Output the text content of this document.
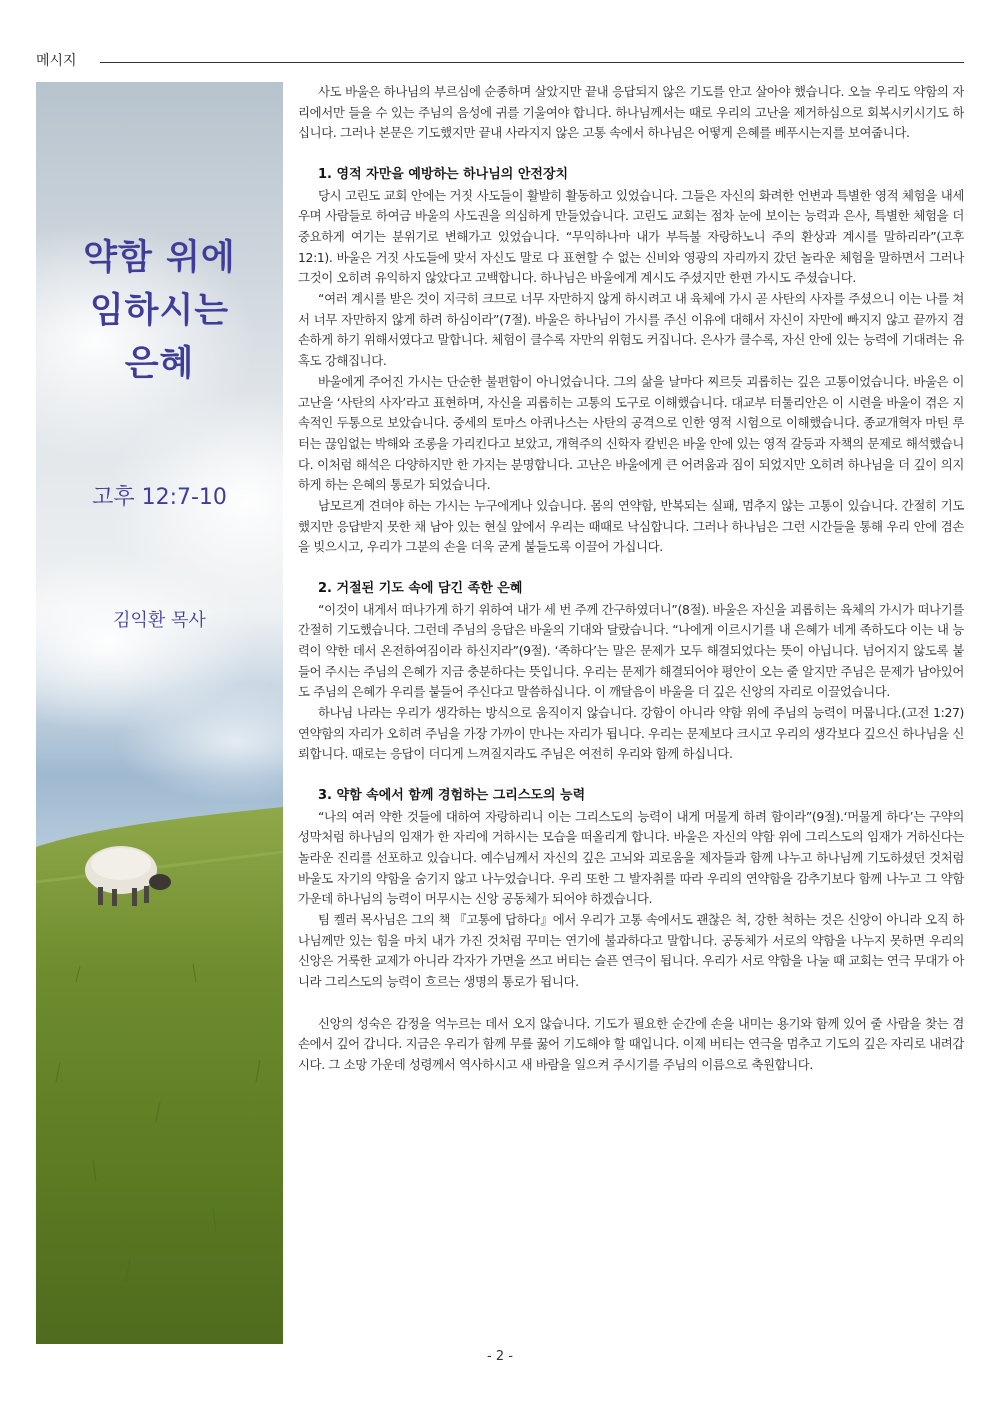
메시지
약함 위에
임하시는
은혜
고후 12:7-10
김익환 목사

사도 바울은 하나님의 부르심에 순종하며 살았지만 끝내 응답되지 않은 기도를 안고 살아야 했습니다. 오늘 우리도 약함의 자리에서만 들을 수 있는 주님의 음성에 귀를 기울여야 합니다. 하나님께서는 때로 우리의 고난을 제거하심으로 회복시키시기도 하십니다. 그러나 본문은 기도했지만 끝내 사라지지 않은 고통 속에서 하나님은 어떻게 은혜를 베푸시는지를 보여줍니다.

1. 영적 자만을 예방하는 하나님의 안전장치

당시 고린도 교회 안에는 거짓 사도들이 활발히 활동하고 있었습니다. 그들은 자신의 화려한 언변과 특별한 영적 체험을 내세우며 사람들로 하여금 바울의 사도권을 의심하게 만들었습니다. 고린도 교회는 점차 눈에 보이는 능력과 은사, 특별한 체험을 더 중요하게 여기는 분위기로 변해가고 있었습니다. “무익하나마 내가 부득불 자랑하노니 주의 환상과 계시를 말하리라”(고후 12:1). 바울은 거짓 사도들에 맞서 자신도 말로 다 표현할 수 없는 신비와 영광의 자리까지 갔던 놀라운 체험을 말하면서 그러나 그것이 오히려 유익하지 않았다고 고백합니다. 하나님은 바울에게 계시도 주셨지만 한편 가시도 주셨습니다.

“여러 계시를 받은 것이 지극히 크므로 너무 자만하지 않게 하시려고 내 육체에 가시 곧 사탄의 사자를 주셨으니 이는 나를 쳐서 너무 자만하지 않게 하려 하심이라”(7절). 바울은 하나님이 가시를 주신 이유에 대해서 자신이 자만에 빠지지 않고 끝까지 겸손하게 하기 위해서였다고 말합니다. 체험이 클수록 자만의 위험도 커집니다. 은사가 클수록, 자신 안에 있는 능력에 기대려는 유혹도 강해집니다.

바울에게 주어진 가시는 단순한 불편함이 아니었습니다. 그의 삶을 날마다 찌르듯 괴롭히는 깊은 고통이었습니다. 바울은 이 고난을 ‘사탄의 사자’라고 표현하며, 자신을 괴롭히는 고통의 도구로 이해했습니다. 대교부 터툴리안은 이 시련을 바울이 겪은 지속적인 두통으로 보았습니다. 중세의 토마스 아퀴나스는 사탄의 공격으로 인한 영적 시험으로 이해했습니다. 종교개혁자 마틴 루터는 끊임없는 박해와 조롱을 가리킨다고 보았고, 개혁주의 신학자 칼빈은 바울 안에 있는 영적 갈등과 자책의 문제로 해석했습니다. 이처럼 해석은 다양하지만 한 가지는 분명합니다. 고난은 바울에게 큰 어려움과 짐이 되었지만 오히려 하나님을 더 깊이 의지하게 하는 은혜의 통로가 되었습니다.

남모르게 견뎌야 하는 가시는 누구에게나 있습니다. 몸의 연약함, 반복되는 실패, 멈추지 않는 고통이 있습니다. 간절히 기도했지만 응답받지 못한 채 남아 있는 현실 앞에서 우리는 때때로 낙심합니다. 그러나 하나님은 그런 시간들을 통해 우리 안에 겸손을 빚으시고, 우리가 그분의 손을 더욱 굳게 붙들도록 이끌어 가십니다.

2. 거절된 기도 속에 담긴 족한 은혜

“이것이 내게서 떠나가게 하기 위하여 내가 세 번 주께 간구하였더니”(8절). 바울은 자신을 괴롭히는 육체의 가시가 떠나기를 간절히 기도했습니다. 그런데 주님의 응답은 바울의 기대와 달랐습니다. “나에게 이르시기를 내 은혜가 네게 족하도다 이는 내 능력이 약한 데서 온전하여짐이라 하신지라”(9절). ‘족하다’는 말은 문제가 모두 해결되었다는 뜻이 아닙니다. 넘어지지 않도록 붙들어 주시는 주님의 은혜가 지금 충분하다는 뜻입니다. 우리는 문제가 해결되어야 평안이 오는 줄 알지만 주님은 문제가 남아있어도 주님의 은혜가 우리를 붙들어 주신다고 말씀하십니다. 이 깨달음이 바울을 더 깊은 신앙의 자리로 이끌었습니다.

하나님 나라는 우리가 생각하는 방식으로 움직이지 않습니다. 강함이 아니라 약함 위에 주님의 능력이 머뭅니다.(고전 1:27) 연약함의 자리가 오히려 주님을 가장 가까이 만나는 자리가 됩니다. 우리는 문제보다 크시고 우리의 생각보다 깊으신 하나님을 신뢰합니다. 때로는 응답이 더디게 느껴질지라도 주님은 여전히 우리와 함께 하십니다.

3. 약함 속에서 함께 경험하는 그리스도의 능력

“나의 여러 약한 것들에 대하여 자랑하리니 이는 그리스도의 능력이 내게 머물게 하려 함이라”(9절).‘머물게 하다’는 구약의 성막처럼 하나님의 임재가 한 자리에 거하시는 모습을 떠올리게 합니다. 바울은 자신의 약함 위에 그리스도의 임재가 거하신다는 놀라운 진리를 선포하고 있습니다. 예수님께서 자신의 깊은 고뇌와 괴로움을 제자들과 함께 나누고 하나님께 기도하셨던 것처럼 바울도 자기의 약함을 숨기지 않고 나누었습니다. 우리 또한 그 발자취를 따라 우리의 연약함을 감추기보다 함께 나누고 그 약함 가운데 하나님의 능력이 머무시는 신앙 공동체가 되어야 하겠습니다.

팀 켈러 목사님은 그의 책 『고통에 답하다』에서 우리가 고통 속에서도 괜찮은 척, 강한 척하는 것은 신앙이 아니라 오직 하나님께만 있는 힘을 마치 내가 가진 것처럼 꾸미는 연기에 불과하다고 말합니다. 공동체가 서로의 약함을 나누지 못하면 우리의 신앙은 거룩한 교제가 아니라 각자가 가면을 쓰고 버티는 슬픈 연극이 됩니다. 우리가 서로 약함을 나눌 때 교회는 연극 무대가 아니라 그리스도의 능력이 흐르는 생명의 통로가 됩니다.

신앙의 성숙은 감정을 억누르는 데서 오지 않습니다. 기도가 필요한 순간에 손을 내미는 용기와 함께 있어 줄 사람을 찾는 겸손에서 깊어 갑니다. 지금은 우리가 함께 무릎 꿇어 기도해야 할 때입니다. 이제 버티는 연극을 멈추고 기도의 깊은 자리로 내려갑시다. 그 소망 가운데 성령께서 역사하시고 새 바람을 일으켜 주시기를 주님의 이름으로 축원합니다.

- 2 -
